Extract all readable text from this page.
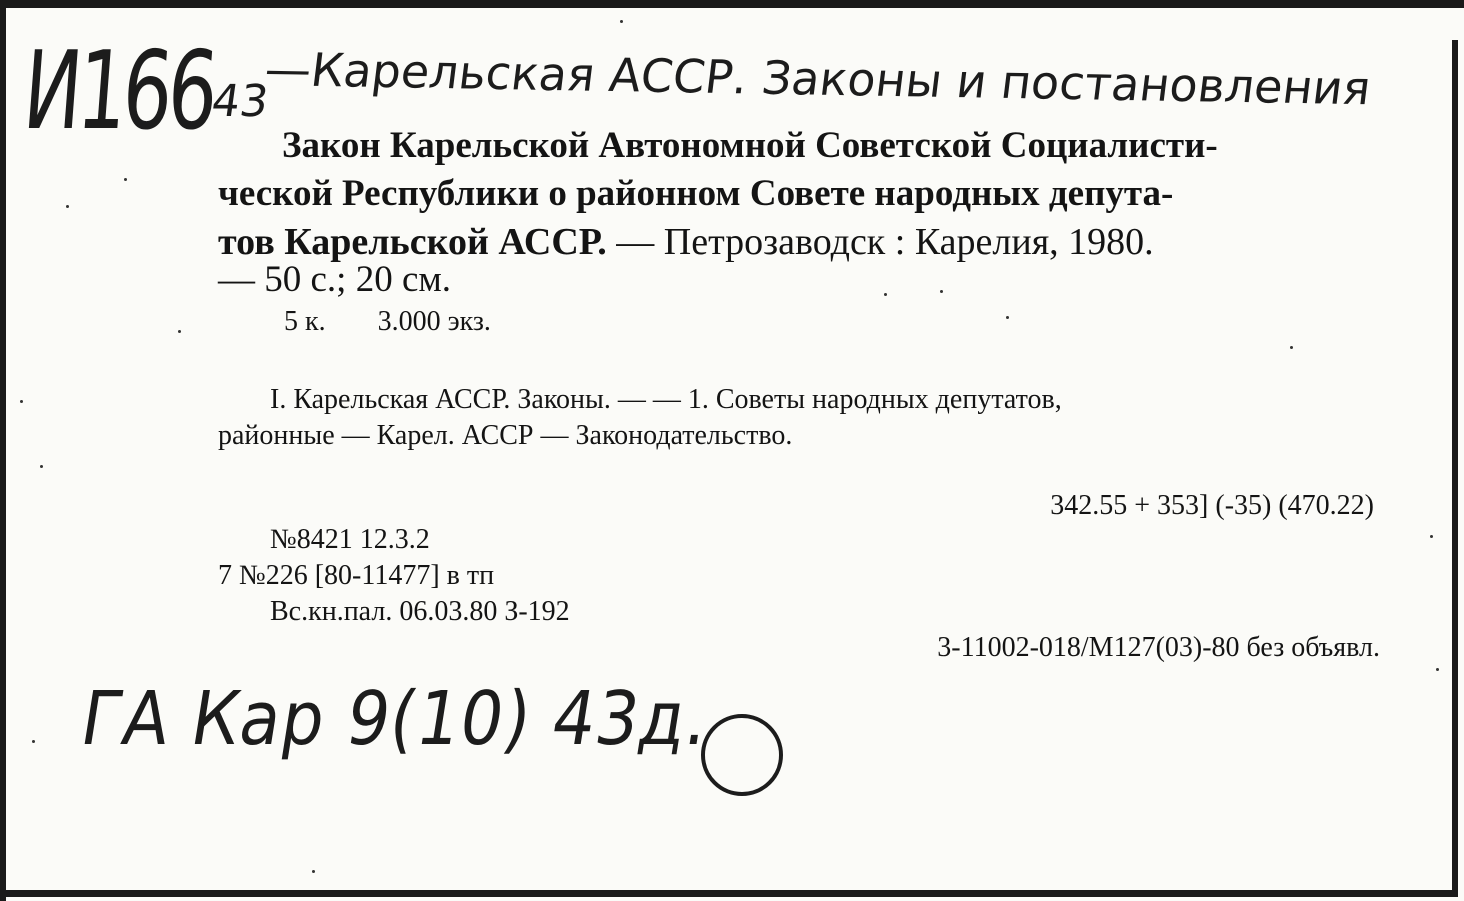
И166
43
—Карельская АССР. Законы и постановления
Закон Карельской Автономной Советской Социалисти-
ческой Республики о районном Совете народных депута-
тов Карельской АССР. — Петрозаводск : Карелия, 1980.
— 50 с.; 20 см.
5 к. 3.000 экз.
I. Карельская АССР. Законы. — — 1. Советы народных депутатов,
районные — Карел. АССР — Законодательство.
342.55 + 353] (-35) (470.22)
№8421 12.3.2
7 №226 [80-11477] в тп
Вс.кн.пал. 06.03.80 З-192
3-11002-018/М127(03)-80 без объявл.
ГА Кар 9(10) 43д.
